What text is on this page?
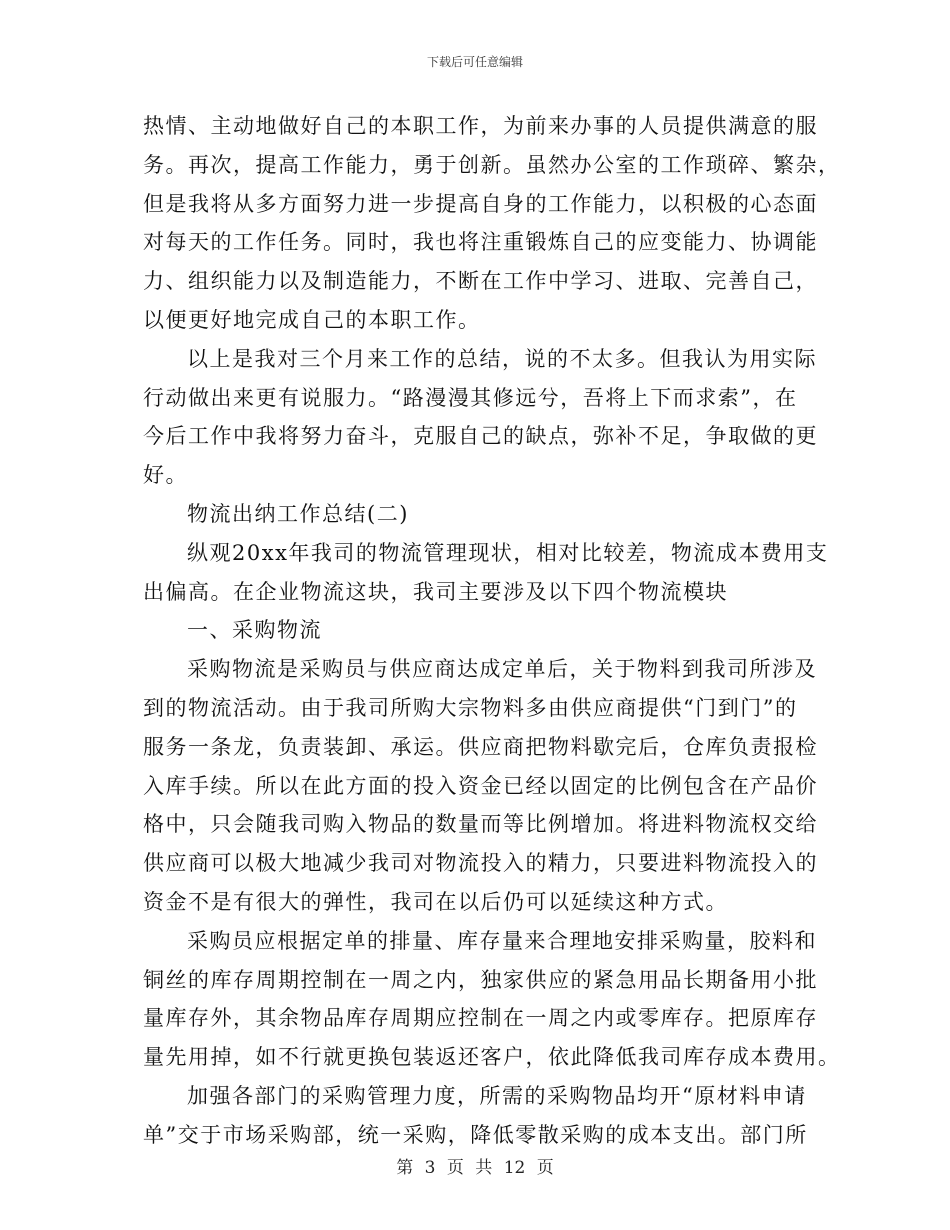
下载后可任意编辑
热情、主动地做好自己的本职工作，为前来办事的人员提供满意的服
务。再次，提高工作能力，勇于创新。虽然办公室的工作琐碎、繁杂，
但是我将从多方面努力进一步提高自身的工作能力，以积极的心态面
对每天的工作任务。同时，我也将注重锻炼自己的应变能力、协调能
力、组织能力以及制造能力，不断在工作中学习、进取、完善自己，
以便更好地完成自己的本职工作。
以上是我对三个月来工作的总结，说的不太多。但我认为用实际
行动做出来更有说服力。“路漫漫其修远兮，吾将上下而求索”，在
今后工作中我将努力奋斗，克服自己的缺点，弥补不足，争取做的更
好。
物流出纳工作总结(二)
纵观20xx年我司的物流管理现状，相对比较差，物流成本费用支
出偏高。在企业物流这块，我司主要涉及以下四个物流模块
一、采购物流
采购物流是采购员与供应商达成定单后，关于物料到我司所涉及
到的物流活动。由于我司所购大宗物料多由供应商提供“门到门”的
服务一条龙，负责装卸、承运。供应商把物料歇完后，仓库负责报检
入库手续。所以在此方面的投入资金已经以固定的比例包含在产品价
格中，只会随我司购入物品的数量而等比例增加。将进料物流权交给
供应商可以极大地减少我司对物流投入的精力，只要进料物流投入的
资金不是有很大的弹性，我司在以后仍可以延续这种方式。
采购员应根据定单的排量、库存量来合理地安排采购量，胶料和
铜丝的库存周期控制在一周之内，独家供应的紧急用品长期备用小批
量库存外，其余物品库存周期应控制在一周之内或零库存。把原库存
量先用掉，如不行就更换包装返还客户，依此降低我司库存成本费用。
加强各部门的采购管理力度，所需的采购物品均开“原材料申请
单”交于市场采购部，统一采购，降低零散采购的成本支出。部门所
第 3 页 共 12 页
